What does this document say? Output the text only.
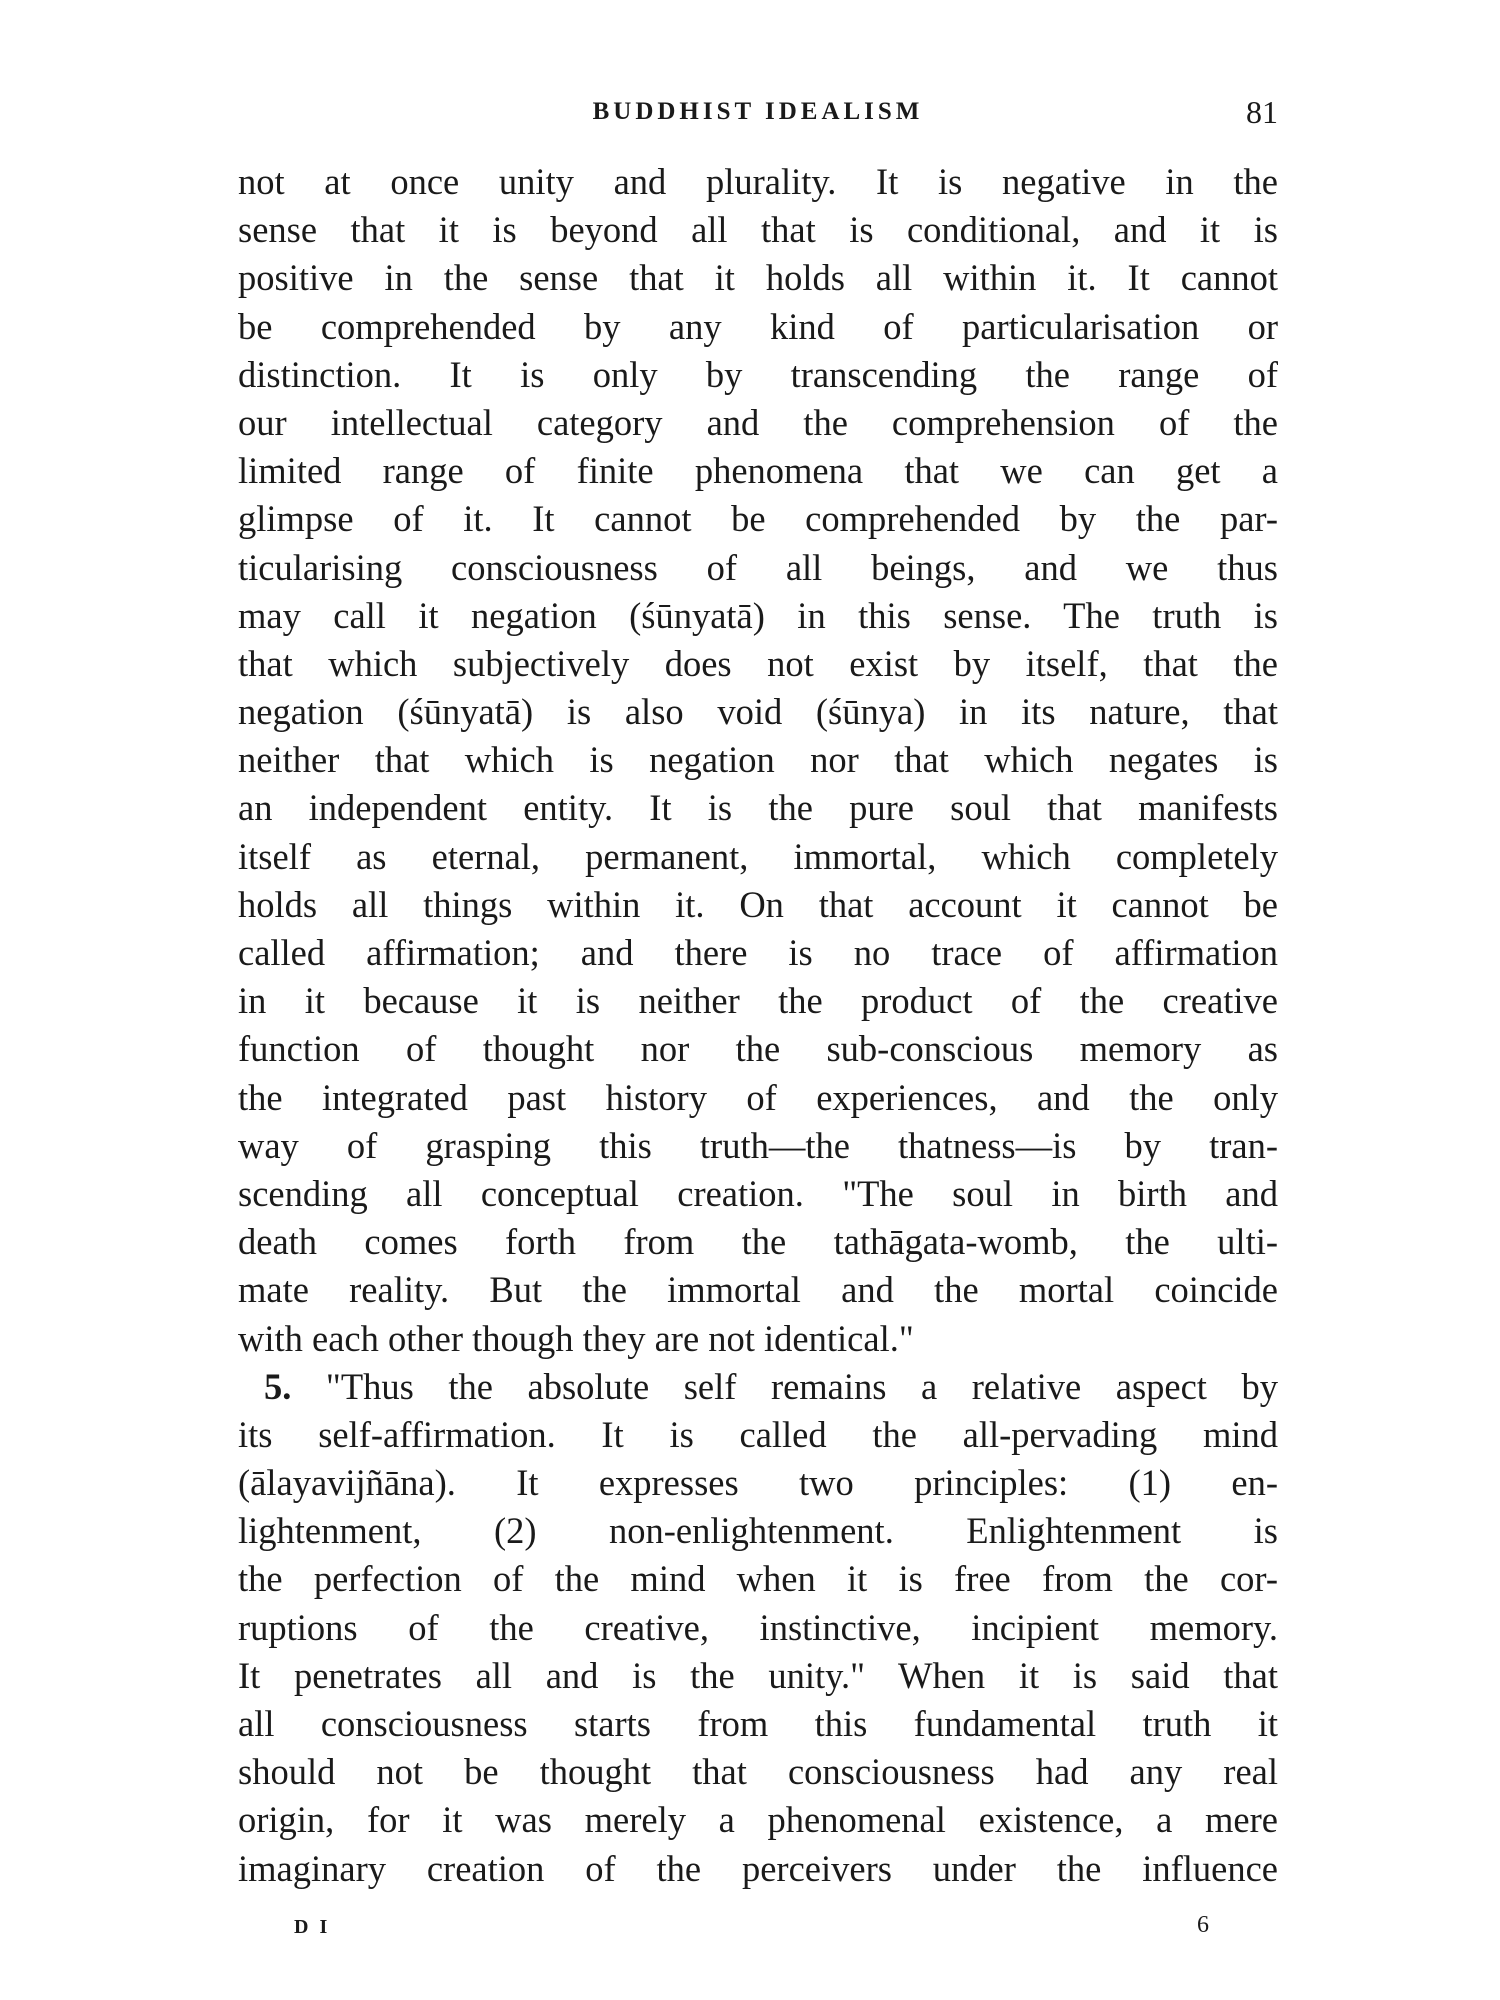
BUDDHIST IDEALISM	81
not at once unity and plurality. It is negative in the
sense that it is beyond all that is conditional, and it is
positive in the sense that it holds all within it. It cannot
be comprehended by any kind of particularisation or
distinction. It is only by transcending the range of
our intellectual category and the comprehension of the
limited range of finite phenomena that we can get a
glimpse of it. It cannot be comprehended by the par-
ticularising consciousness of all beings, and we thus
may call it negation (śūnyatā) in this sense. The truth is
that which subjectively does not exist by itself, that the
negation (śūnyatā) is also void (śūnya) in its nature, that
neither that which is negation nor that which negates is
an independent entity. It is the pure soul that manifests
itself as eternal, permanent, immortal, which completely
holds all things within it. On that account it cannot be
called affirmation; and there is no trace of affirmation
in it because it is neither the product of the creative
function of thought nor the sub-conscious memory as
the integrated past history of experiences, and the only
way of grasping this truth—the thatness—is by tran-
scending all conceptual creation. "The soul in birth and
death comes forth from the tathāgata-womb, the ulti-
mate reality. But the immortal and the mortal coincide
with each other though they are not identical."
5. "Thus the absolute self remains a relative aspect by
its self-affirmation. It is called the all-pervading mind
(ālayavijñāna). It expresses two principles: (1) en-
lightenment, (2) non-enlightenment. Enlightenment is
the perfection of the mind when it is free from the cor-
ruptions of the creative, instinctive, incipient memory.
It penetrates all and is the unity." When it is said that
all consciousness starts from this fundamental truth it
should not be thought that consciousness had any real
origin, for it was merely a phenomenal existence, a mere
imaginary creation of the perceivers under the influence
D I	6
